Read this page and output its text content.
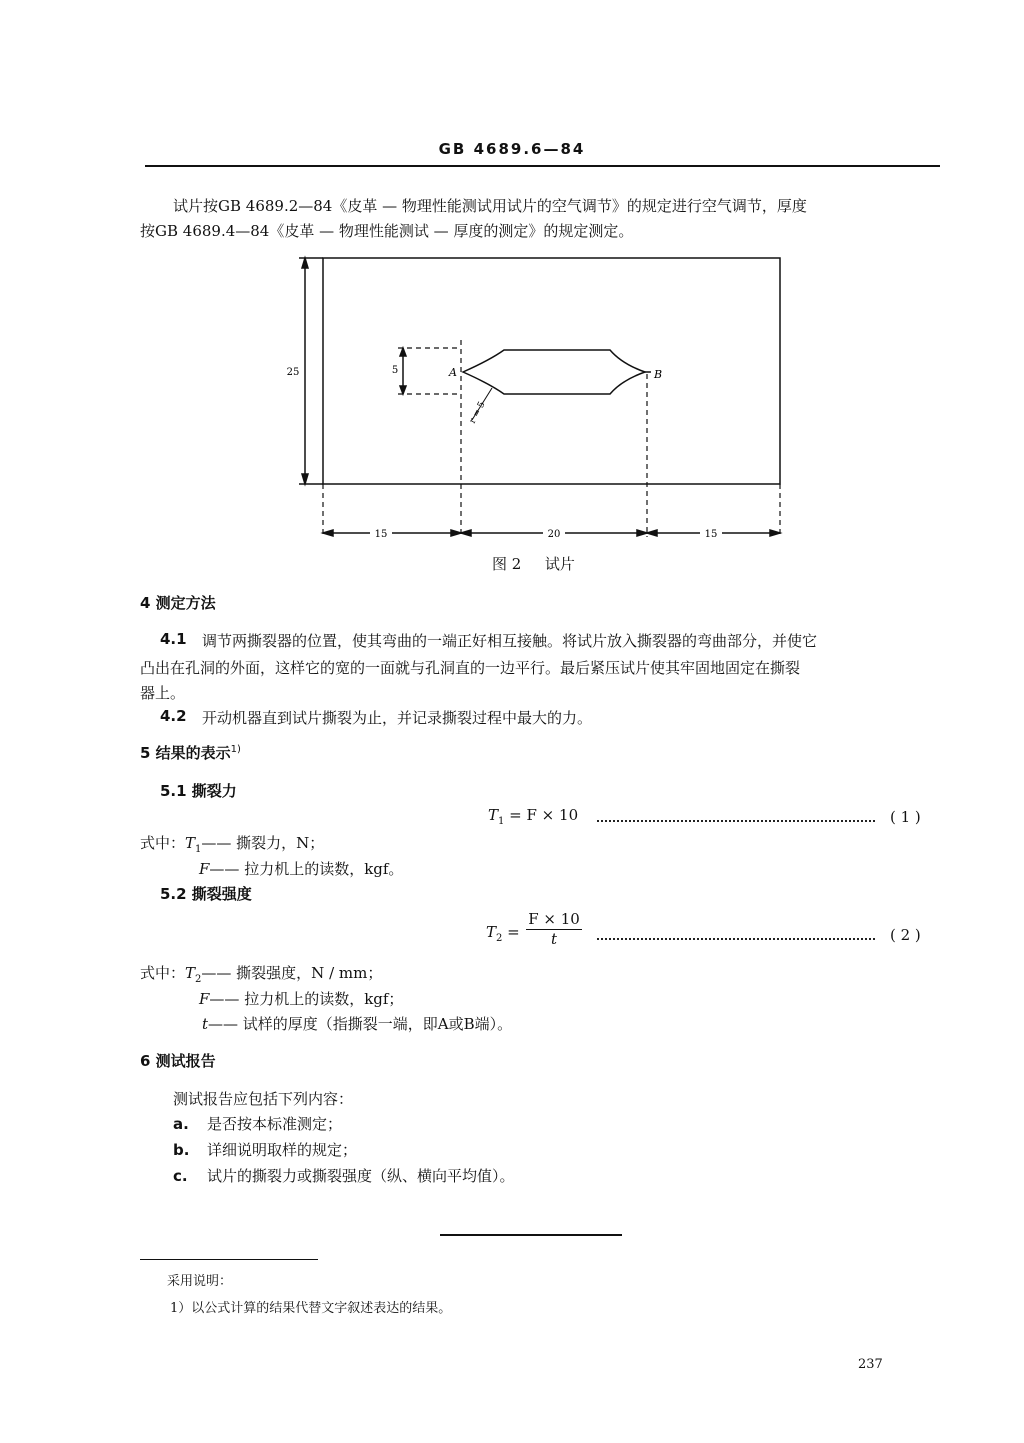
GB 4689.6—84
试片按GB 4689.2—84《皮革 — 物理性能测试用试片的空气调节》的规定进行空气调节，厚度
按GB 4689.4—84《皮革 — 物理性能测试 — 厚度的测定》的规定测定。
25	5	A	B
r = 5
15	20	15
图 2 试片
4 测定方法
4.1 调节两撕裂器的位置，使其弯曲的一端正好相互接触。将试片放入撕裂器的弯曲部分，并使它
凸出在孔洞的外面，这样它的宽的一面就与孔洞直的一边平行。最后紧压试片使其牢固地固定在撕裂
器上。
4.2 开动机器直到试片撕裂为止，并记录撕裂过程中最大的力。
5 结果的表示$^{1)}$
5.1 撕裂力
$T_1 = F \times 10$	( 1 )
式中：$T_1——$ 撕裂力，N；
F—— 拉力机上的读数，kgf。
5.2 撕裂强度
$T_2 = \frac{F \times 10}{t}$	( 2 )
式中：$T_2——$ 撕裂强度，N / mm；
F—— 拉力机上的读数，kgf；
t—— 试样的厚度（指撕裂一端，即A或B端）。
6 测试报告
测试报告应包括下列内容：
a. 是否按本标准测定；
b. 详细说明取样的规定；
c. 试片的撕裂力或撕裂强度（纵、横向平均值）。
采用说明：
1）以公式计算的结果代替文字叙述表达的结果。
237
